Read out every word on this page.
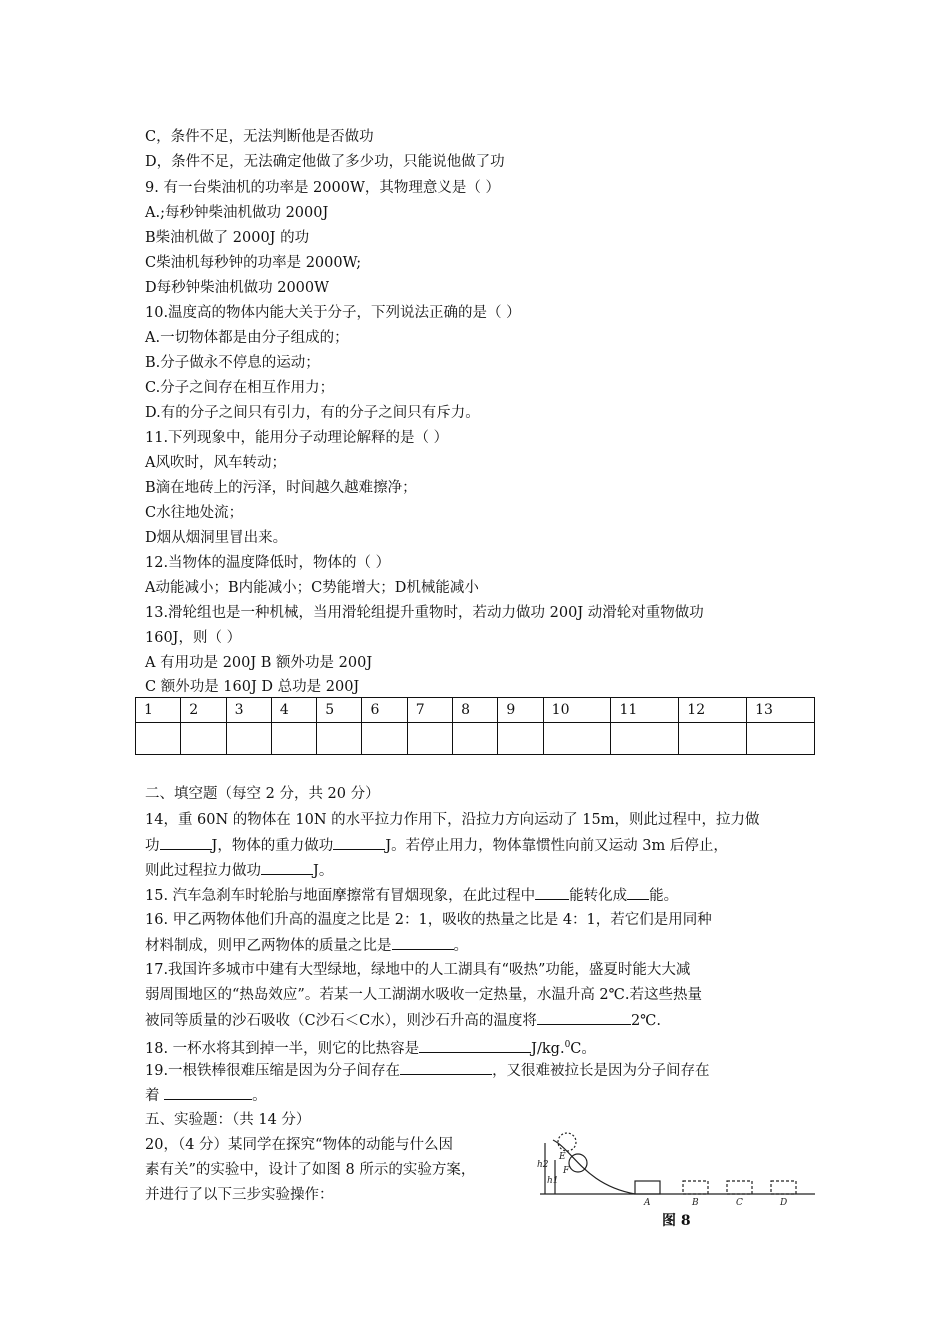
C，条件不足，无法判断他是否做功
D，条件不足，无法确定他做了多少功，只能说他做了功
9. 有一台柴油机的功率是 2000W，其物理意义是（ ）
A.;每秒钟柴油机做功 2000J
B柴油机做了 2000J 的功
C柴油机每秒钟的功率是 2000W;
D每秒钟柴油机做功 2000W
10.温度高的物体内能大关于分子，下列说法正确的是（ ）
A.一切物体都是由分子组成的；
B.分子做永不停息的运动；
C.分子之间存在相互作用力；
D.有的分子之间只有引力，有的分子之间只有斥力。
11.下列现象中，能用分子动理论解释的是（ ）
A风吹时，风车转动；
B滴在地砖上的污泽，时间越久越难擦净；
C水往地处流；
D烟从烟洞里冒出来。
12.当物体的温度降低时，物体的（ ）
A动能减小；B内能减小；C势能增大；D机械能减小
13.滑轮组也是一种机械，当用滑轮组提升重物时，若动力做功 200J 动滑轮对重物做功
160J，则（ ）
A 有用功是 200J B 额外功是 200J
C 额外功是 160J D 总功是 200J
1	2	3	4	5	6	7	8	9	10	11	12	13

二、填空题（每空 2 分，共 20 分）
14，重 60N 的物体在 10N 的水平拉力作用下，沿拉力方向运动了 15m，则此过程中，拉力做
功	J，物体的重力做功	J。若停止用力，物体靠惯性向前又运动 3m 后停止，
则此过程拉力做功	J。
15. 汽车急刹车时轮胎与地面摩擦常有冒烟现象，在此过程中 能转化成 能。
16. 甲乙两物体他们升高的温度之比是 2：1，吸收的热量之比是 4：1，若它们是用同种
材料制成，则甲乙两物体的质量之比是	。
17.我国许多城市中建有大型绿地，绿地中的人工湖具有“吸热”功能，盛夏时能大大减
弱周围地区的“热岛效应”。若某一人工湖湖水吸收一定热量，水温升高 2℃.若这些热量
被同等质量的沙石吸收（C沙石＜C水），则沙石升高的温度将	2℃.
18. 一杯水将其到掉一半，则它的比热容是	J/kg.$^0$C。
19.一根铁棒很难压缩是因为分子间存在	，又很难被拉长是因为分子间存在
着	。
五、实验题：（共 14 分）
20，（4 分）某同学在探究“物体的动能与什么因
素有关”的实验中，设计了如图 8 所示的实验方案，
并进行了以下三步实验操作：
E
F
h2
h1
A	B	C	D
图 8
